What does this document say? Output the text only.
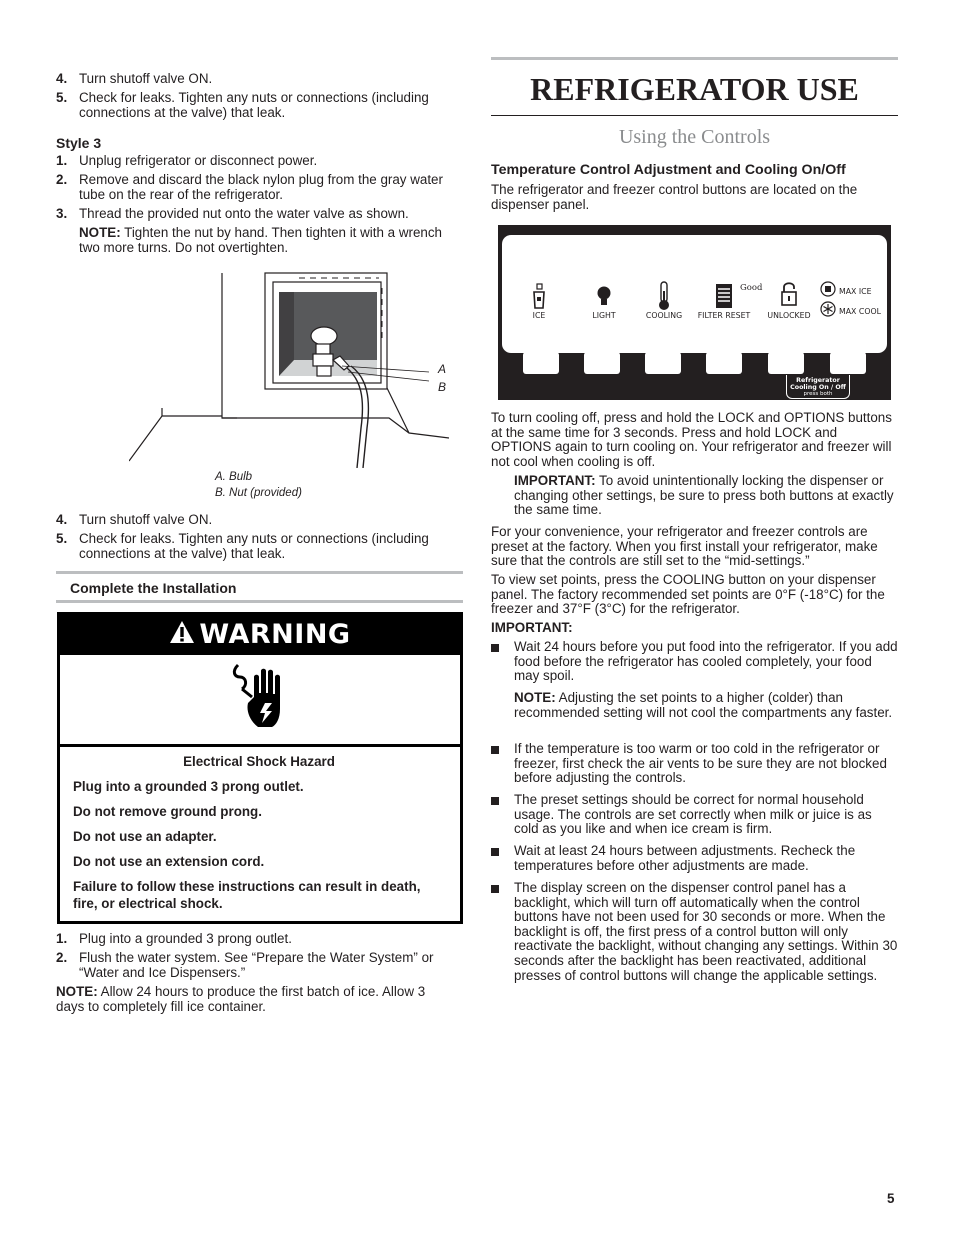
4. Turn shutoff valve ON.
5. Check for leaks. Tighten any nuts or connections (including connections at the valve) that leak.
Style 3
1. Unplug refrigerator or disconnect power.
2. Remove and discard the black nylon plug from the gray water tube on the rear of the refrigerator.
3. Thread the provided nut onto the water valve as shown.
NOTE: Tighten the nut by hand. Then tighten it with a wrench two more turns. Do not overtighten.
A
B
A. Bulb
B. Nut (provided)
4. Turn shutoff valve ON.
5. Check for leaks. Tighten any nuts or connections (including connections at the valve) that leak.
Complete the Installation
WARNING
Electrical Shock Hazard
Plug into a grounded 3 prong outlet.
Do not remove ground prong.
Do not use an adapter.
Do not use an extension cord.
Failure to follow these instructions can result in death, fire, or electrical shock.
1. Plug into a grounded 3 prong outlet.
2. Flush the water system. See “Prepare the Water System” or “Water and Ice Dispensers.”
NOTE: Allow 24 hours to produce the first batch of ice. Allow 3 days to completely fill ice container.
REFRIGERATOR USE
Using the Controls
Temperature Control Adjustment and Cooling On/Off
The refrigerator and freezer control buttons are located on the dispenser panel.
Good	MAX ICE
MAX COOL
ICE	LIGHT	COOLING	FILTER RESET	UNLOCKED
ICE	LIGHT	COOLING	FILTER	LOCK	OPTIONS
Refrigerator
Cooling On / Off
press both
To turn cooling off, press and hold the LOCK and OPTIONS buttons at the same time for 3 seconds. Press and hold LOCK and OPTIONS again to turn cooling on. Your refrigerator and freezer will not cool when cooling is off.
IMPORTANT: To avoid unintentionally locking the dispenser or changing other settings, be sure to press both buttons at exactly the same time.
For your convenience, your refrigerator and freezer controls are preset at the factory. When you first install your refrigerator, make sure that the controls are still set to the “mid-settings.”
To view set points, press the COOLING button on your dispenser panel. The factory recommended set points are 0°F (-18°C) for the freezer and 37°F (3°C) for the refrigerator.
IMPORTANT:
Wait 24 hours before you put food into the refrigerator. If you add food before the refrigerator has cooled completely, your food may spoil.
NOTE: Adjusting the set points to a higher (colder) than recommended setting will not cool the compartments any faster.
If the temperature is too warm or too cold in the refrigerator or freezer, first check the air vents to be sure they are not blocked before adjusting the controls.
The preset settings should be correct for normal household usage. The controls are set correctly when milk or juice is as cold as you like and when ice cream is firm.
Wait at least 24 hours between adjustments. Recheck the temperatures before other adjustments are made.
The display screen on the dispenser control panel has a backlight, which will turn off automatically when the control buttons have not been used for 30 seconds or more. When the backlight is off, the first press of a control button will only reactivate the backlight, without changing any settings. Within 30 seconds after the backlight has been reactivated, additional presses of control buttons will change the applicable settings.
5
